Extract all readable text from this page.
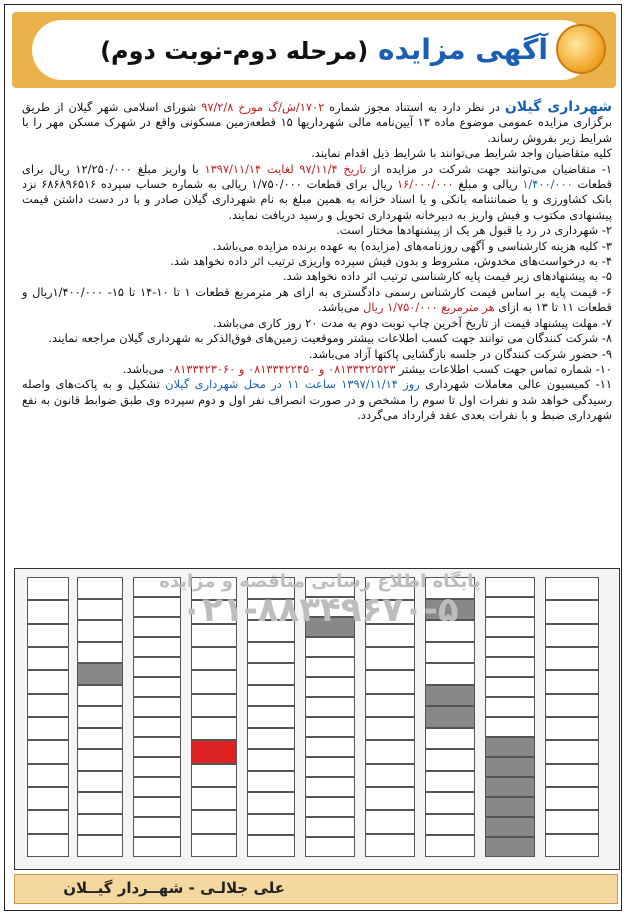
آگهی مزایده (مرحله دوم-نوبت دوم)

شهرداری گیلان در نظر دارد به استناد مجوز شماره ۱۷۰۲/ش/گ مورخ ۹۷/۲/۸ شورای اسلامی شهر گیلان از طریق برگزاری مزایده عمومی موضوع ماده ۱۳ آیین‌نامه مالی شهرداریها ۱۵ قطعه‌زمین مسکونی واقع در شهرک مسکن مهر را با شرایط زیر بفروش رساند.

کلیه متقاضیان واجد شرایط می‌توانند با شرایط ذیل اقدام نمایند.

۱- متقاضیان می‌توانند جهت شرکت در مزایده از تاریخ ۹۷/۱۱/۴ لغایت ۱۳۹۷/۱۱/۱۴ با واریز مبلغ ۱۲/۲۵۰/۰۰۰ ریال برای قطعات ۱/۴۰۰/۰۰۰ ریالی و مبلغ ۱۶/۰۰۰/۰۰۰ ریال برای قطعات ۱/۷۵۰/۰۰۰ ریالی به شماره حساب سپرده ۶۸۶۸۹۶۵۱۶ نزد بانک کشاورزی و یا ضمانتنامه بانکی و یا اسناد خزانه به همین مبلغ به نام شهرداری گیلان صادر و با در دست داشتن قیمت پیشنهادی مکتوب و فیش واریز به دبیرخانه شهرداری تحویل و رسید دریافت نمایند.

۲- شهرداری در رد یا قبول هر یک از پیشنهادها مختار است.

۳- کلیه هزینه کارشناسی و آگهی روزنامه‌های (مزایده) به عهده برنده مزایده می‌باشد.

۴- به درخواست‌های مخدوش، مشروط و بدون فیش سپرده واریزی ترتیب اثر داده نخواهد شد.

۵- به پیشنهادهای زیر قیمت پایه کارشناسی ترتیب اثر داده نخواهد شد.

۶- قیمت پایه بر اساس قیمت کارشناس رسمی دادگستری به ازای هر مترمربع قطعات ۱ تا ۱۰-۱۴ تا ۱۵- ۱/۴۰۰/۰۰۰ریال و قطعات ۱۱ تا ۱۳ به ازای هر مترمربع ۱/۷۵۰/۰۰۰ ریال می‌باشد.

۷- مهلت پیشنهاد قیمت از تاریخ آخرین چاپ نوبت دوم به مدت ۲۰ روز کاری می‌باشد.

۸- شرکت کنندگان می توانند جهت کسب اطلاعات بیشتر وموقعیت زمین‌های فوق‌الذکر به شهرداری گیلان مراجعه نمایند.

۹- حضور شرکت کنندگان در جلسه بازگشایی پاکتها آزاد می‌باشد.

۱۰- شماره تماس جهت کسب اطلاعات بیشتر ۰۸۱۳۳۴۲۲۵۲۳ و ۰۸۱۳۳۴۲۲۴۵۰ و ۰۸۱۳۳۴۲۳۰۶۰ می‌باشد.

۱۱- کمیسیون عالی معاملات شهرداری روز ۱۳۹۷/۱۱/۱۴ ساعت ۱۱ در محل شهرداری گیلان تشکیل و به پاکت‌های واصله رسیدگی خواهد شد و نفرات اول تا سوم را مشخص و در صورت انصراف نفر اول و دوم سپرده وی طبق ضوابط قانون به نفع شهرداری ضبط و با نفرات بعدی عقد قرارداد می‌گردد.

پایگاه اطلاع رسانی مناقصه و مزایده
۰۲۱-۸۸۳۴۹۶۷۰-۵
علی جلالـی - شهــردار گیــلان
